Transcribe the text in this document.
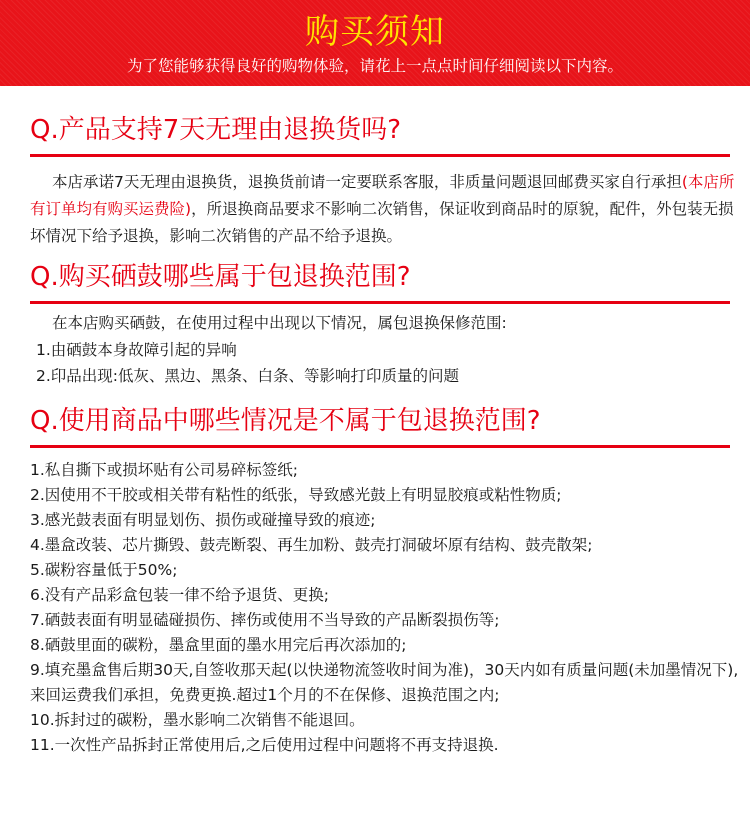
购买须知
为了您能够获得良好的购物体验，请花上一点点时间仔细阅读以下内容。
Q.产品支持7天无理由退换货吗?
本店承诺7天无理由退换货，退换货前请一定要联系客服，非质量问题退回邮费买家自行承担(本店所有订单均有购买运费险)，所退换商品要求不影响二次销售，保证收到商品时的原貌，配件，外包装无损坏情况下给予退换，影响二次销售的产品不给予退换。
Q.购买硒鼓哪些属于包退换范围?
在本店购买硒鼓，在使用过程中出现以下情况，属包退换保修范围:
1.由硒鼓本身故障引起的异响
2.印品出现:低灰、黑边、黑条、白条、等影响打印质量的问题
Q.使用商品中哪些情况是不属于包退换范围?
1.私自撕下或损坏贴有公司易碎标签纸;
2.因使用不干胶或相关带有粘性的纸张，导致感光鼓上有明显胶痕或粘性物质;
3.感光鼓表面有明显划伤、损伤或碰撞导致的痕迹;
4.墨盒改装、芯片撕毁、鼓壳断裂、再生加粉、鼓壳打洞破坏原有结构、鼓壳散架;
5.碳粉容量低于50%;
6.没有产品彩盒包装一律不给予退货、更换;
7.硒鼓表面有明显磕碰损伤、摔伤或使用不当导致的产品断裂损伤等;
8.硒鼓里面的碳粉，墨盒里面的墨水用完后再次添加的;
9.填充墨盒售后期30天,自签收那天起(以快递物流签收时间为准)，30天内如有质量问题(未加墨情况下),来回运费我们承担，免费更换.超过1个月的不在保修、退换范围之内;
10.拆封过的碳粉，墨水影响二次销售不能退回。
11.一次性产品拆封正常使用后,之后使用过程中问题将不再支持退换.
